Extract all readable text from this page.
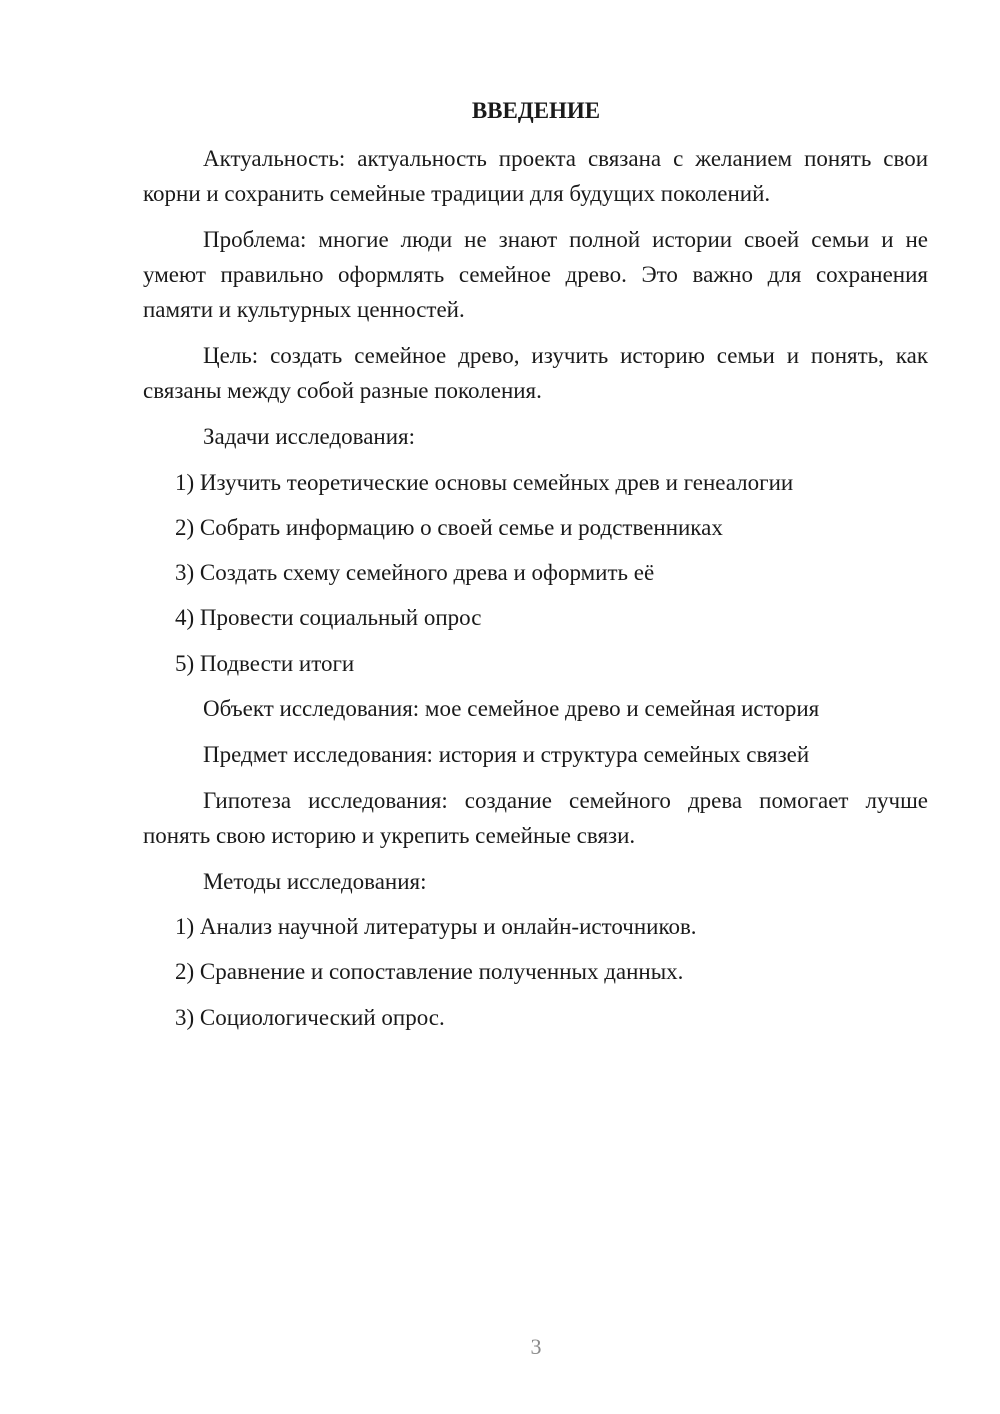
ВВЕДЕНИЕ

Актуальность: актуальность проекта связана с желанием понять свои корни и сохранить семейные традиции для будущих поколений.

Проблема: многие люди не знают полной истории своей семьи и не умеют правильно оформлять семейное древо. Это важно для сохранения памяти и культурных ценностей.

Цель: создать семейное древо, изучить историю семьи и понять, как связаны между собой разные поколения.

Задачи исследования:

1) Изучить теоретические основы семейных древ и генеалогии

2) Собрать информацию о своей семье и родственниках

3) Создать схему семейного древа и оформить её

4) Провести социальный опрос

5) Подвести итоги

Объект исследования: мое семейное древо и семейная история

Предмет исследования: история и структура семейных связей

Гипотеза исследования: создание семейного древа помогает лучше понять свою историю и укрепить семейные связи.

Методы исследования:

1) Анализ научной литературы и онлайн-источников.

2) Сравнение и сопоставление полученных данных.

3) Социологический опрос.

3
